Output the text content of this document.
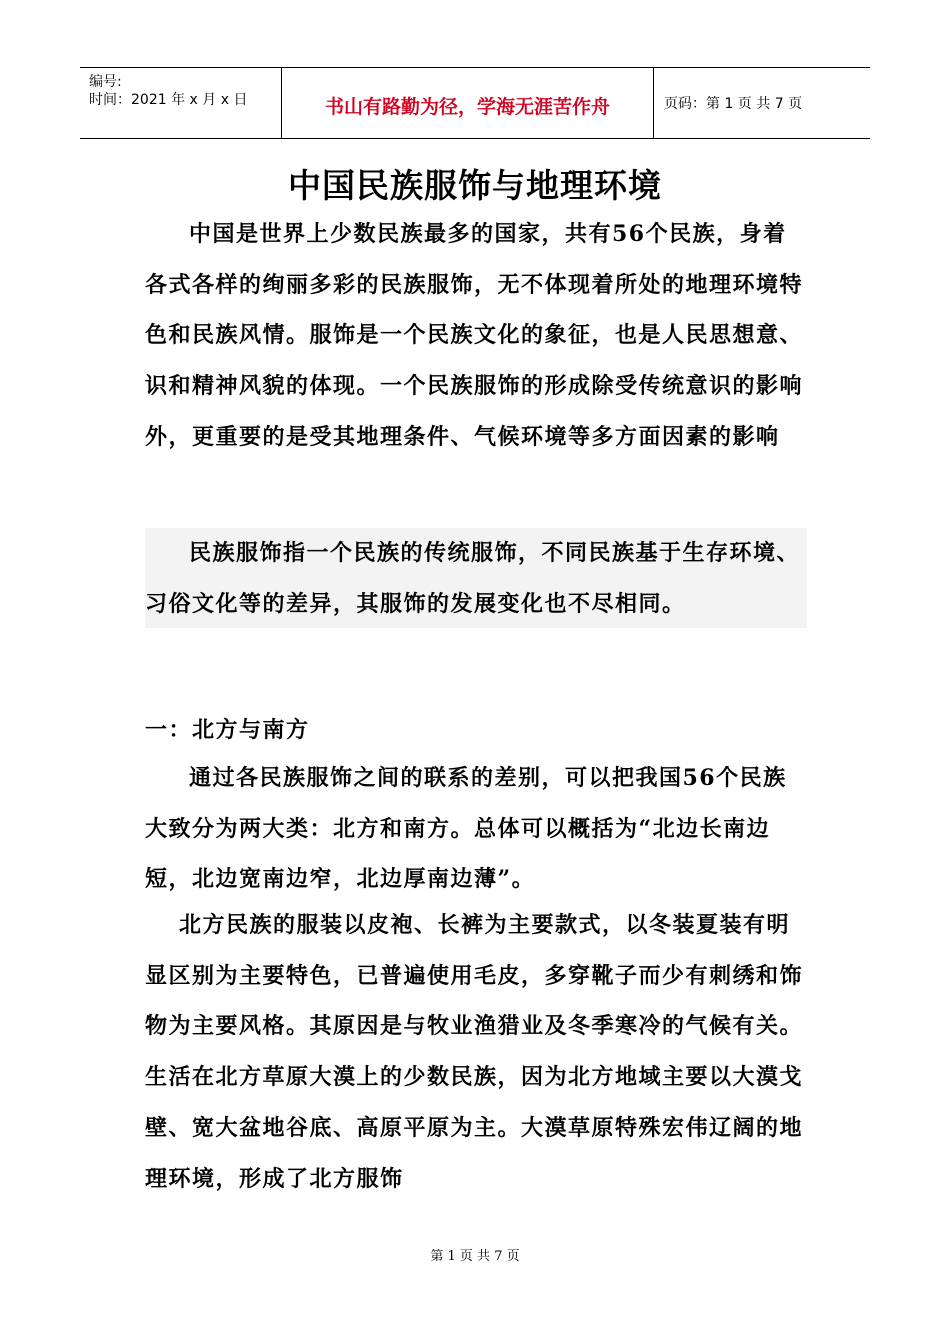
编号:
时间：2021 年 x 月 x 日	书山有路勤为径，学海无涯苦作舟	页码：第 1 页 共 7 页
中国民族服饰与地理环境

中国是世界上少数民族最多的国家，共有56个民族，身着各式各样的绚丽多彩的民族服饰，无不体现着所处的地理环境特色和民族风情。服饰是一个民族文化的象征，也是人民思想意、识和精神风貌的体现。一个民族服饰的形成除受传统意识的影响外，更重要的是受其地理条件、气候环境等多方面因素的影响

民族服饰指一个民族的传统服饰，不同民族基于生存环境、习俗文化等的差异，其服饰的发展变化也不尽相同。

一：北方与南方

通过各民族服饰之间的联系的差别，可以把我国56个民族大致分为两大类：北方和南方。总体可以概括为“北边长南边短，北边宽南边窄，北边厚南边薄”。

北方民族的服装以皮袍、长裤为主要款式，以冬装夏装有明显区别为主要特色，已普遍使用毛皮，多穿靴子而少有刺绣和饰物为主要风格。其原因是与牧业渔猎业及冬季寒冷的气候有关。生活在北方草原大漠上的少数民族，因为北方地域主要以大漠戈壁、宽大盆地谷底、高原平原为主。大漠草原特殊宏伟辽阔的地理环境，形成了北方服饰

第 1 页 共 7 页
